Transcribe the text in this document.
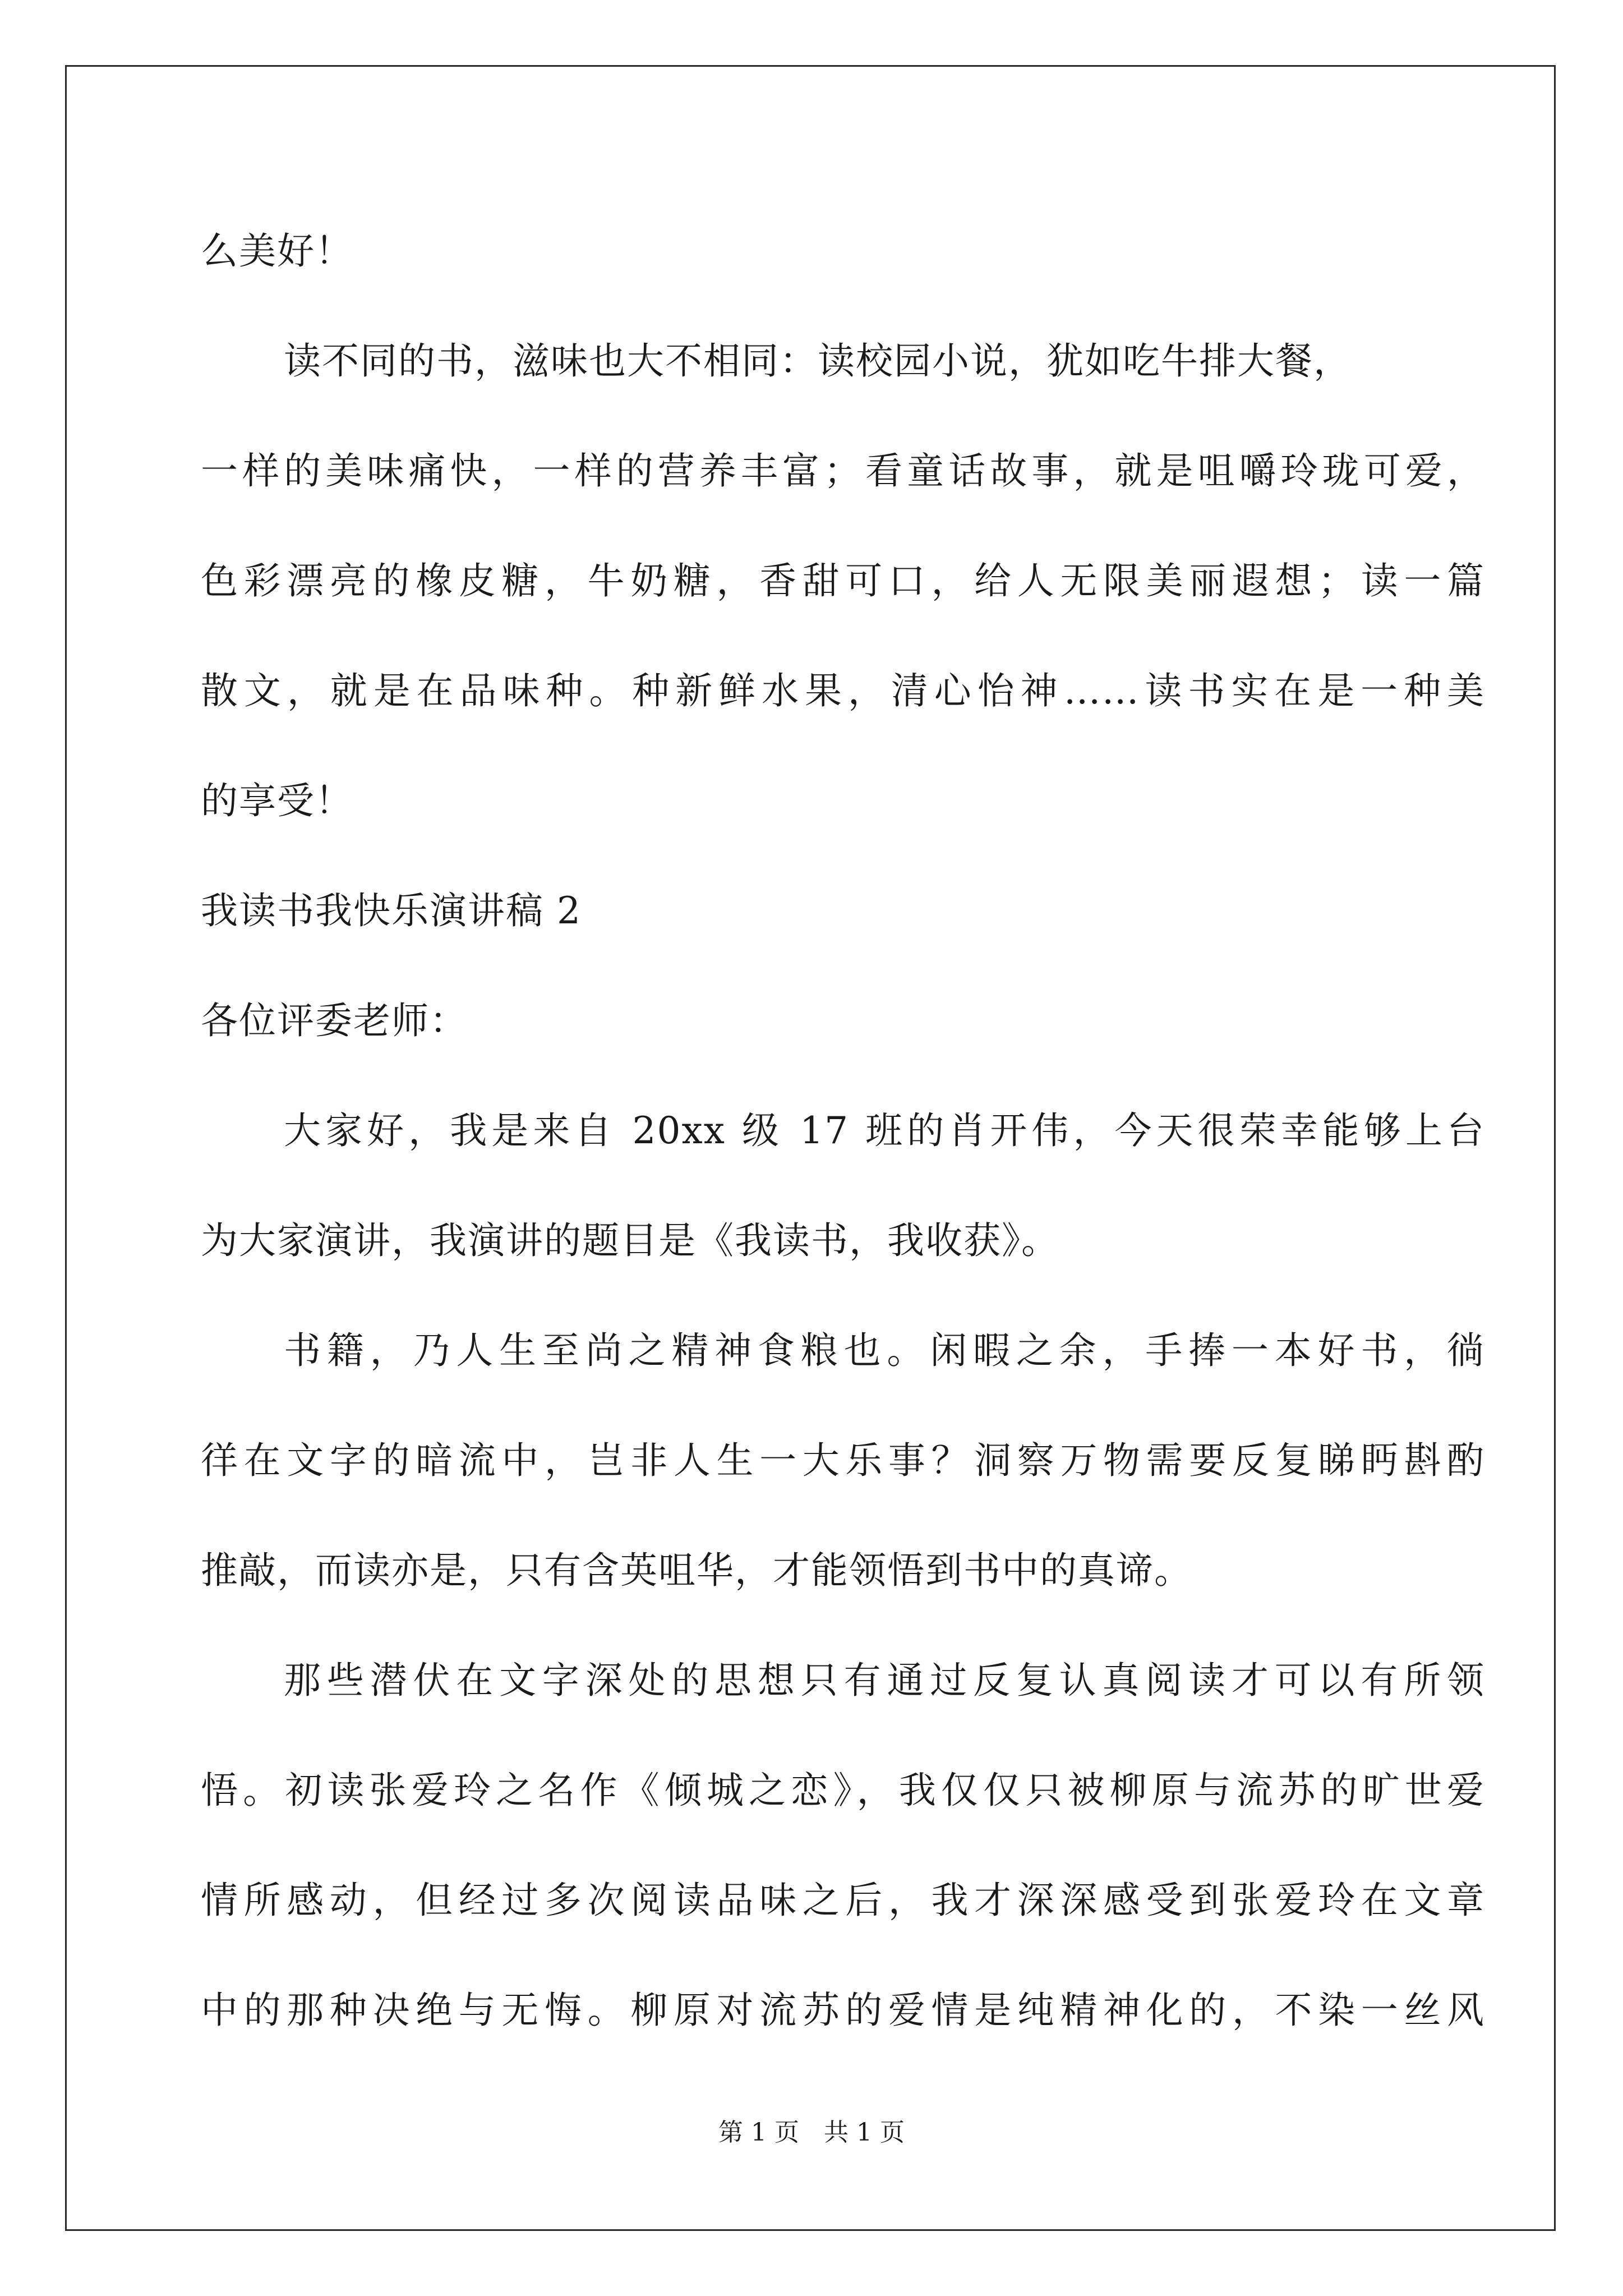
么美好！
读不同的书，滋味也大不相同：读校园小说，犹如吃牛排大餐，
一样的美味痛快，一样的营养丰富；看童话故事，就是咀嚼玲珑可爱，
色彩漂亮的橡皮糖，牛奶糖，香甜可口，给人无限美丽遐想；读一篇
散文，就是在品味种。种新鲜水果，清心怡神……读书实在是一种美
的享受！
我读书我快乐演讲稿 2
各位评委老师：
大家好，我是来自 20xx 级 17 班的肖开伟，今天很荣幸能够上台
为大家演讲，我演讲的题目是《我读书，我收获》。
书籍，乃人生至尚之精神食粮也。闲暇之余，手捧一本好书，徜
徉在文字的暗流中，岂非人生一大乐事？洞察万物需要反复睇眄斟酌
推敲，而读亦是，只有含英咀华，才能领悟到书中的真谛。
那些潜伏在文字深处的思想只有通过反复认真阅读才可以有所领
悟。初读张爱玲之名作《倾城之恋》，我仅仅只被柳原与流苏的旷世爱
情所感动，但经过多次阅读品味之后，我才深深感受到张爱玲在文章
中的那种决绝与无悔。柳原对流苏的爱情是纯精神化的，不染一丝风
第 1 页　共 1 页
